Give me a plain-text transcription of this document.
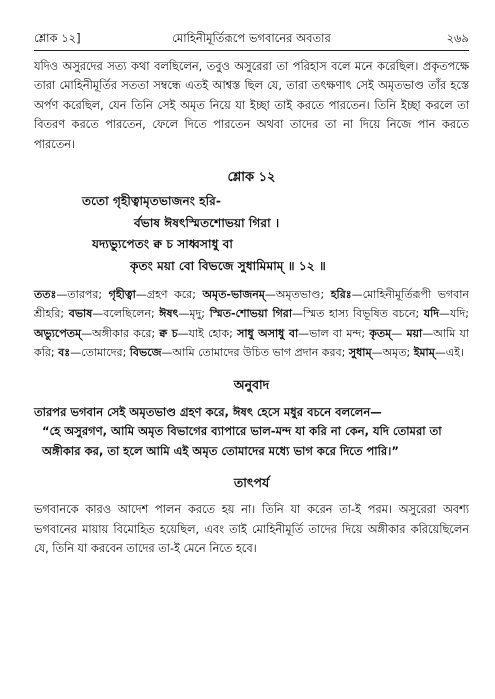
শ্লোক ১২]	মোহিনীমূর্তিরূপে ভগবানের অবতার	২৬৯

যদিও অসুরদের সত্য কথা বলছিলেন, তবুও অসুরেরা তা পরিহাস বলে মনে করেছিল। প্রকৃতপক্ষে তারা মোহিনীমূর্তির সততা সম্বন্ধে এতই আশ্বস্ত ছিল যে, তারা তৎক্ষণাৎ সেই অমৃতভাণ্ড তাঁর হস্তে অর্পণ করেছিল, যেন তিনি সেই অমৃত নিয়ে যা ইচ্ছা তাই করতে পারতেন। তিনি ইচ্ছা করলে তা বিতরণ করতে পারতেন, ফেলে দিতে পারতেন অথবা তাদের তা না দিয়ে নিজে পান করতে পারতেন।

শ্লোক ১২
ততো গৃহীত্বামৃতভাজনং হরি-
র্বভাষ ঈষৎস্মিতশোভয়া গিরা ।
যদ্যভ্যুপেতং ক্ব চ সাধ্বসাধু বা
কৃতং ময়া বো বিভজে সুধামিমাম্ ॥ ১২ ॥

ততঃ—তারপর; গৃহীত্বা—গ্রহণ করে; অমৃত-ভাজনম্—অমৃতভাণ্ড; হরিঃ—মোহিনীমূর্তিরূপী ভগবান শ্রীহরি; বভাষ—বলেছিলেন; ঈষৎ—মৃদু; স্মিত-শোভয়া গিরা—স্মিত হাস্য বিভূষিত বচনে; যদি—যদি; অভ্যুপেতম্—অঙ্গীকার করে; ক্ব চ—যাই হোক; সাধু অসাধু বা—ভাল বা মন্দ; কৃতম্— ময়া—আমি যা করি; বঃ—তোমাদের; বিভজে—আমি তোমাদের উচিত ভাগ প্রদান করব; সুধাম্—অমৃত; ইমাম্—এই।

অনুবাদ
তারপর ভগবান সেই অমৃতভাণ্ড গ্রহণ করে, ঈষৎ হেসে মধুর বচনে বললেন—
“হে অসুরগণ, আমি অমৃত বিভাগের ব্যাপারে ভাল-মন্দ যা করি না কেন, যদি তোমরা তা অঙ্গীকার কর, তা হলে আমি এই অমৃত তোমাদের মধ্যে ভাগ করে দিতে পারি।”
তাৎপর্য

ভগবানকে কারও আদেশ পালন করতে হয় না। তিনি যা করেন তা-ই পরম। অসুরেরা অবশ্য ভগবানের মায়ায় বিমোহিত হয়েছিল, এবং তাই মোহিনীমূর্তি তাদের দিয়ে অঙ্গীকার করিয়েছিলেন যে, তিনি যা করবেন তাদের তা-ই মেনে নিতে হবে।
